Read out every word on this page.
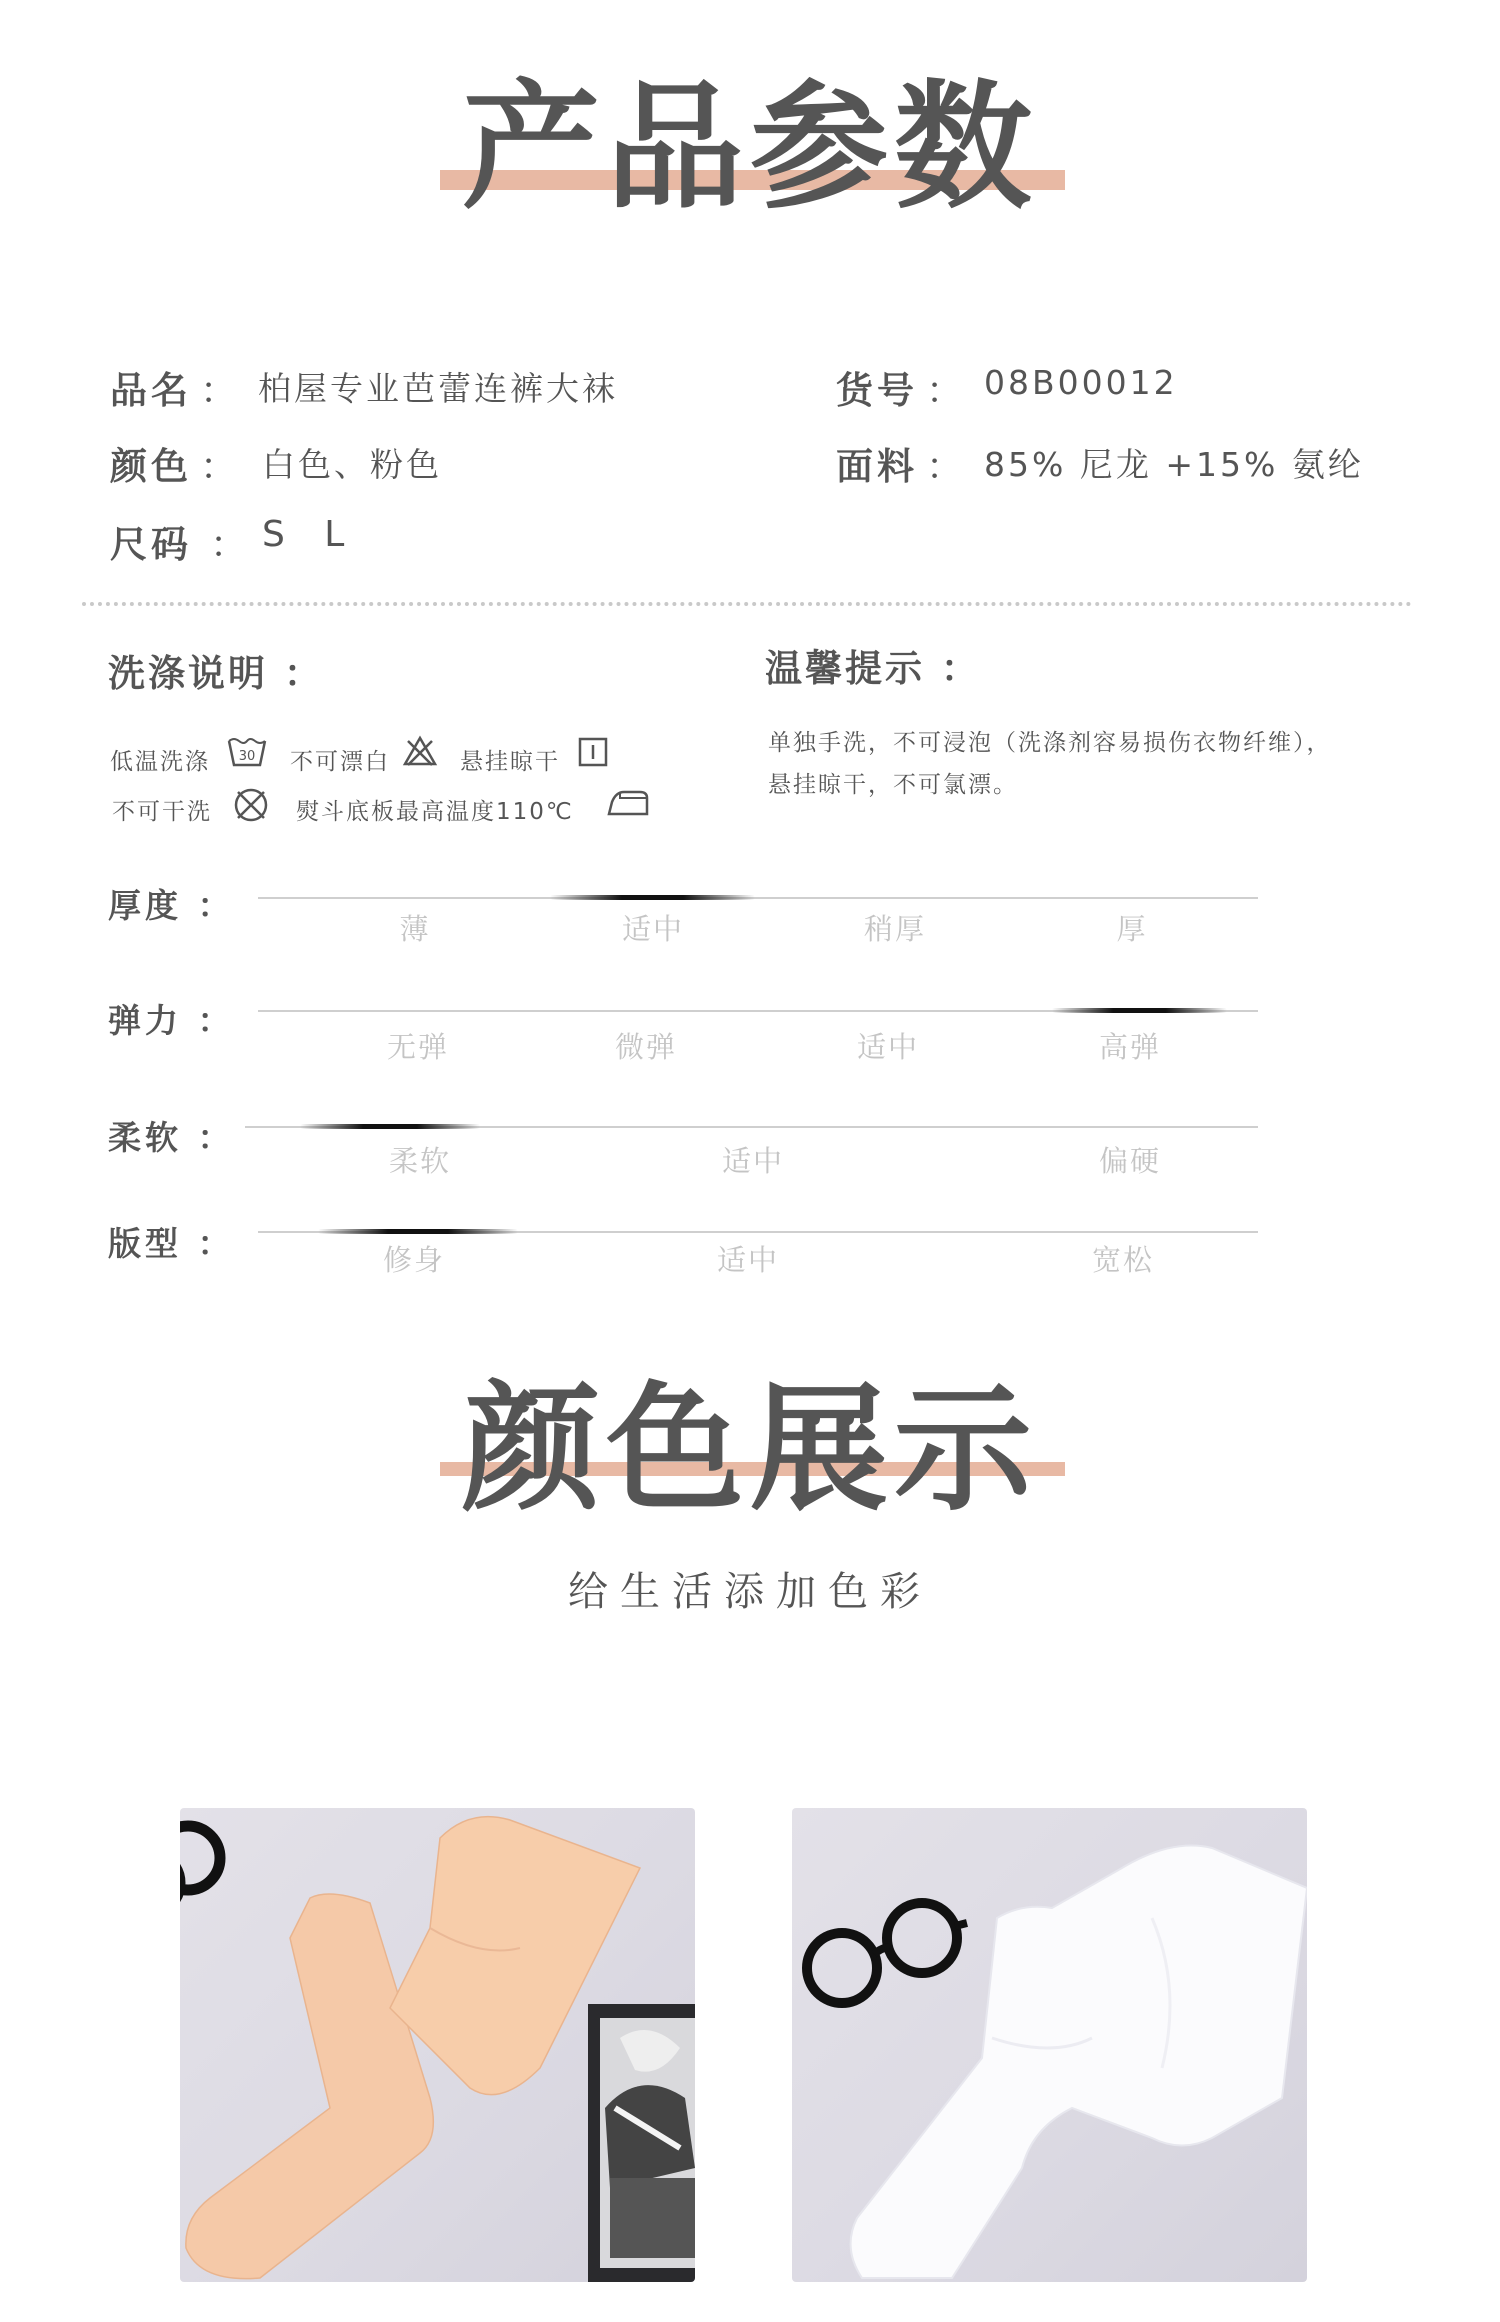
产品参数
品名 ： 柏屋专业芭蕾连裤大袜	货号 ： 08B00012
颜色 ： 白色、粉色	面料 ： 85% 尼龙 +15% 氨纶
尺码 ： S L
洗涤说明 ：	温馨提示 ：
低温洗涤 30 不可漂白	悬挂晾干
不可干洗	熨斗底板最高温度110℃
单独手洗，不可浸泡（洗涤剂容易损伤衣物纤维），
悬挂晾干，不可氯漂。
厚度 ：
薄	适中	稍厚	厚
弹力 ：
无弹	微弹	适中	高弹
柔软 ：
柔软	适中	偏硬
版型 ：	修身	适中	宽松
颜色展示
给生活添加色彩
